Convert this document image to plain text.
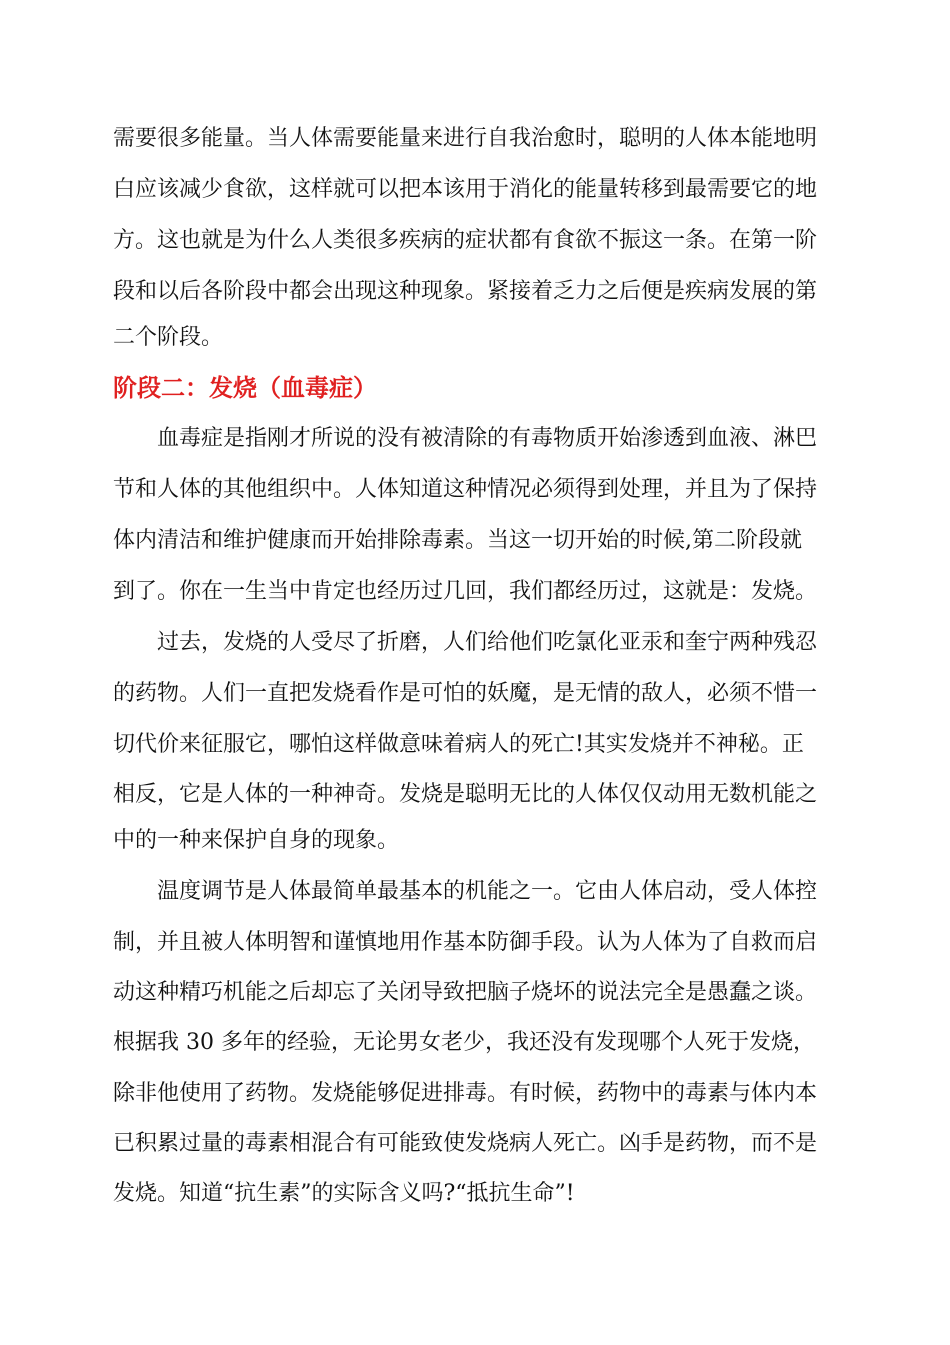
需要很多能量。当人体需要能量来进行自我治愈时，聪明的人体本能地明

白应该减少食欲，这样就可以把本该用于消化的能量转移到最需要它的地

方。这也就是为什么人类很多疾病的症状都有食欲不振这一条。在第一阶

段和以后各阶段中都会出现这种现象。紧接着乏力之后便是疾病发展的第

二个阶段。

阶段二：发烧（血毒症）

血毒症是指刚才所说的没有被清除的有毒物质开始渗透到血液、淋巴

节和人体的其他组织中。人体知道这种情况必须得到处理，并且为了保持

体内清洁和维护健康而开始排除毒素。当这一切开始的时候,第二阶段就

到了。你在一生当中肯定也经历过几回，我们都经历过，这就是：发烧。

过去，发烧的人受尽了折磨，人们给他们吃氯化亚汞和奎宁两种残忍

的药物。人们一直把发烧看作是可怕的妖魔，是无情的敌人，必须不惜一

切代价来征服它，哪怕这样做意味着病人的死亡!其实发烧并不神秘。正

相反，它是人体的一种神奇。发烧是聪明无比的人体仅仅动用无数机能之

中的一种来保护自身的现象。

温度调节是人体最简单最基本的机能之一。它由人体启动，受人体控

制，并且被人体明智和谨慎地用作基本防御手段。认为人体为了自救而启

动这种精巧机能之后却忘了关闭导致把脑子烧坏的说法完全是愚蠢之谈。

根据我 30 多年的经验，无论男女老少，我还没有发现哪个人死于发烧，

除非他使用了药物。发烧能够促进排毒。有时候，药物中的毒素与体内本

已积累过量的毒素相混合有可能致使发烧病人死亡。凶手是药物，而不是

发烧。知道“抗生素”的实际含义吗?“抵抗生命”!
